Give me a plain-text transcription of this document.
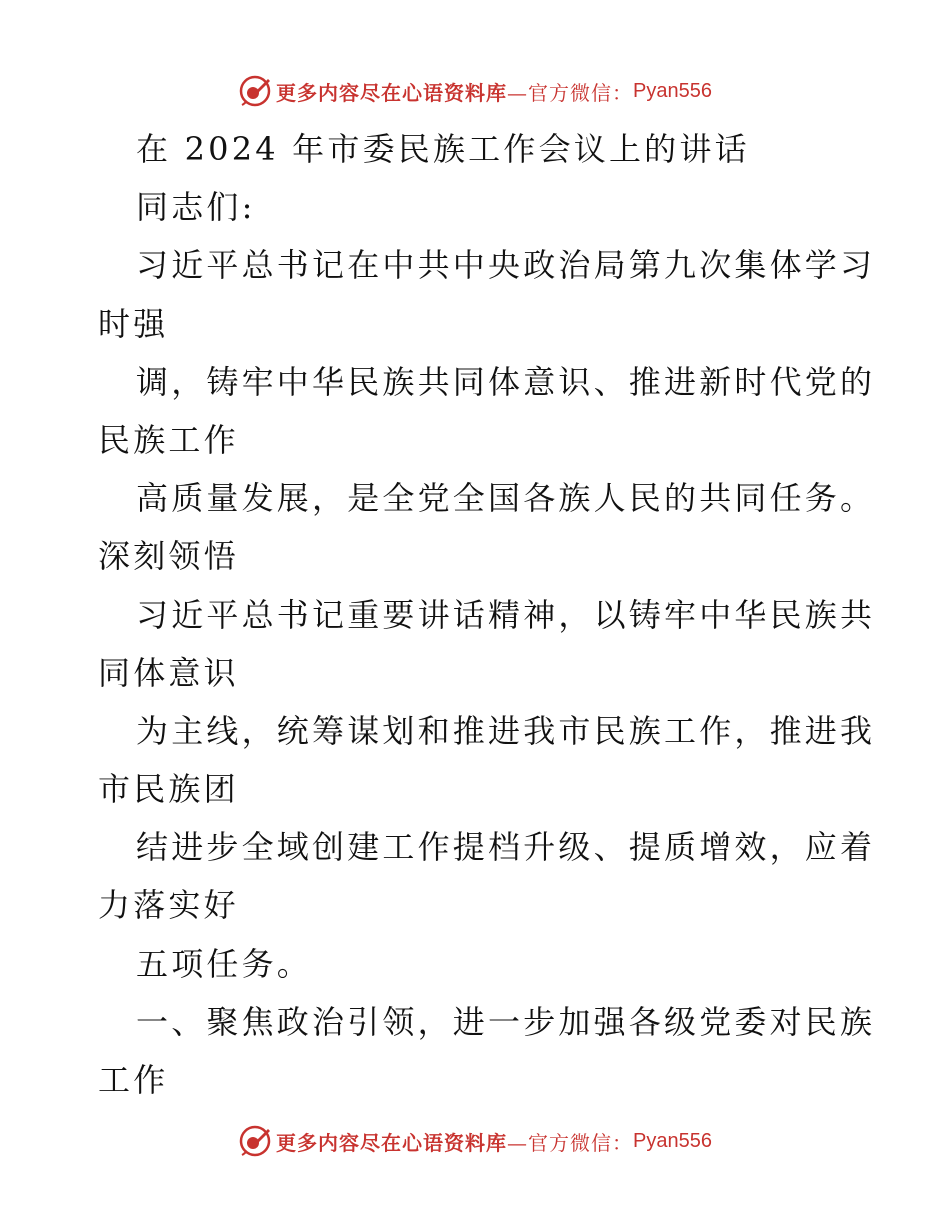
更多内容尽在心语资料库 —官方微信： Pyan556
在 2024 年市委民族工作会议上的讲话
同志们:
习近平总书记在中共中央政治局第九次集体学习
时强
调，铸牢中华民族共同体意识、推进新时代党的
民族工作
高质量发展，是全党全国各族人民的共同任务。
深刻领悟
习近平总书记重要讲话精神，以铸牢中华民族共
同体意识
为主线，统筹谋划和推进我市民族工作，推进我
市民族团
结进步全域创建工作提档升级、提质增效，应着
力落实好
五项任务。
一、聚焦政治引领，进一步加强各级党委对民族
工作
更多内容尽在心语资料库 —官方微信： Pyan556
